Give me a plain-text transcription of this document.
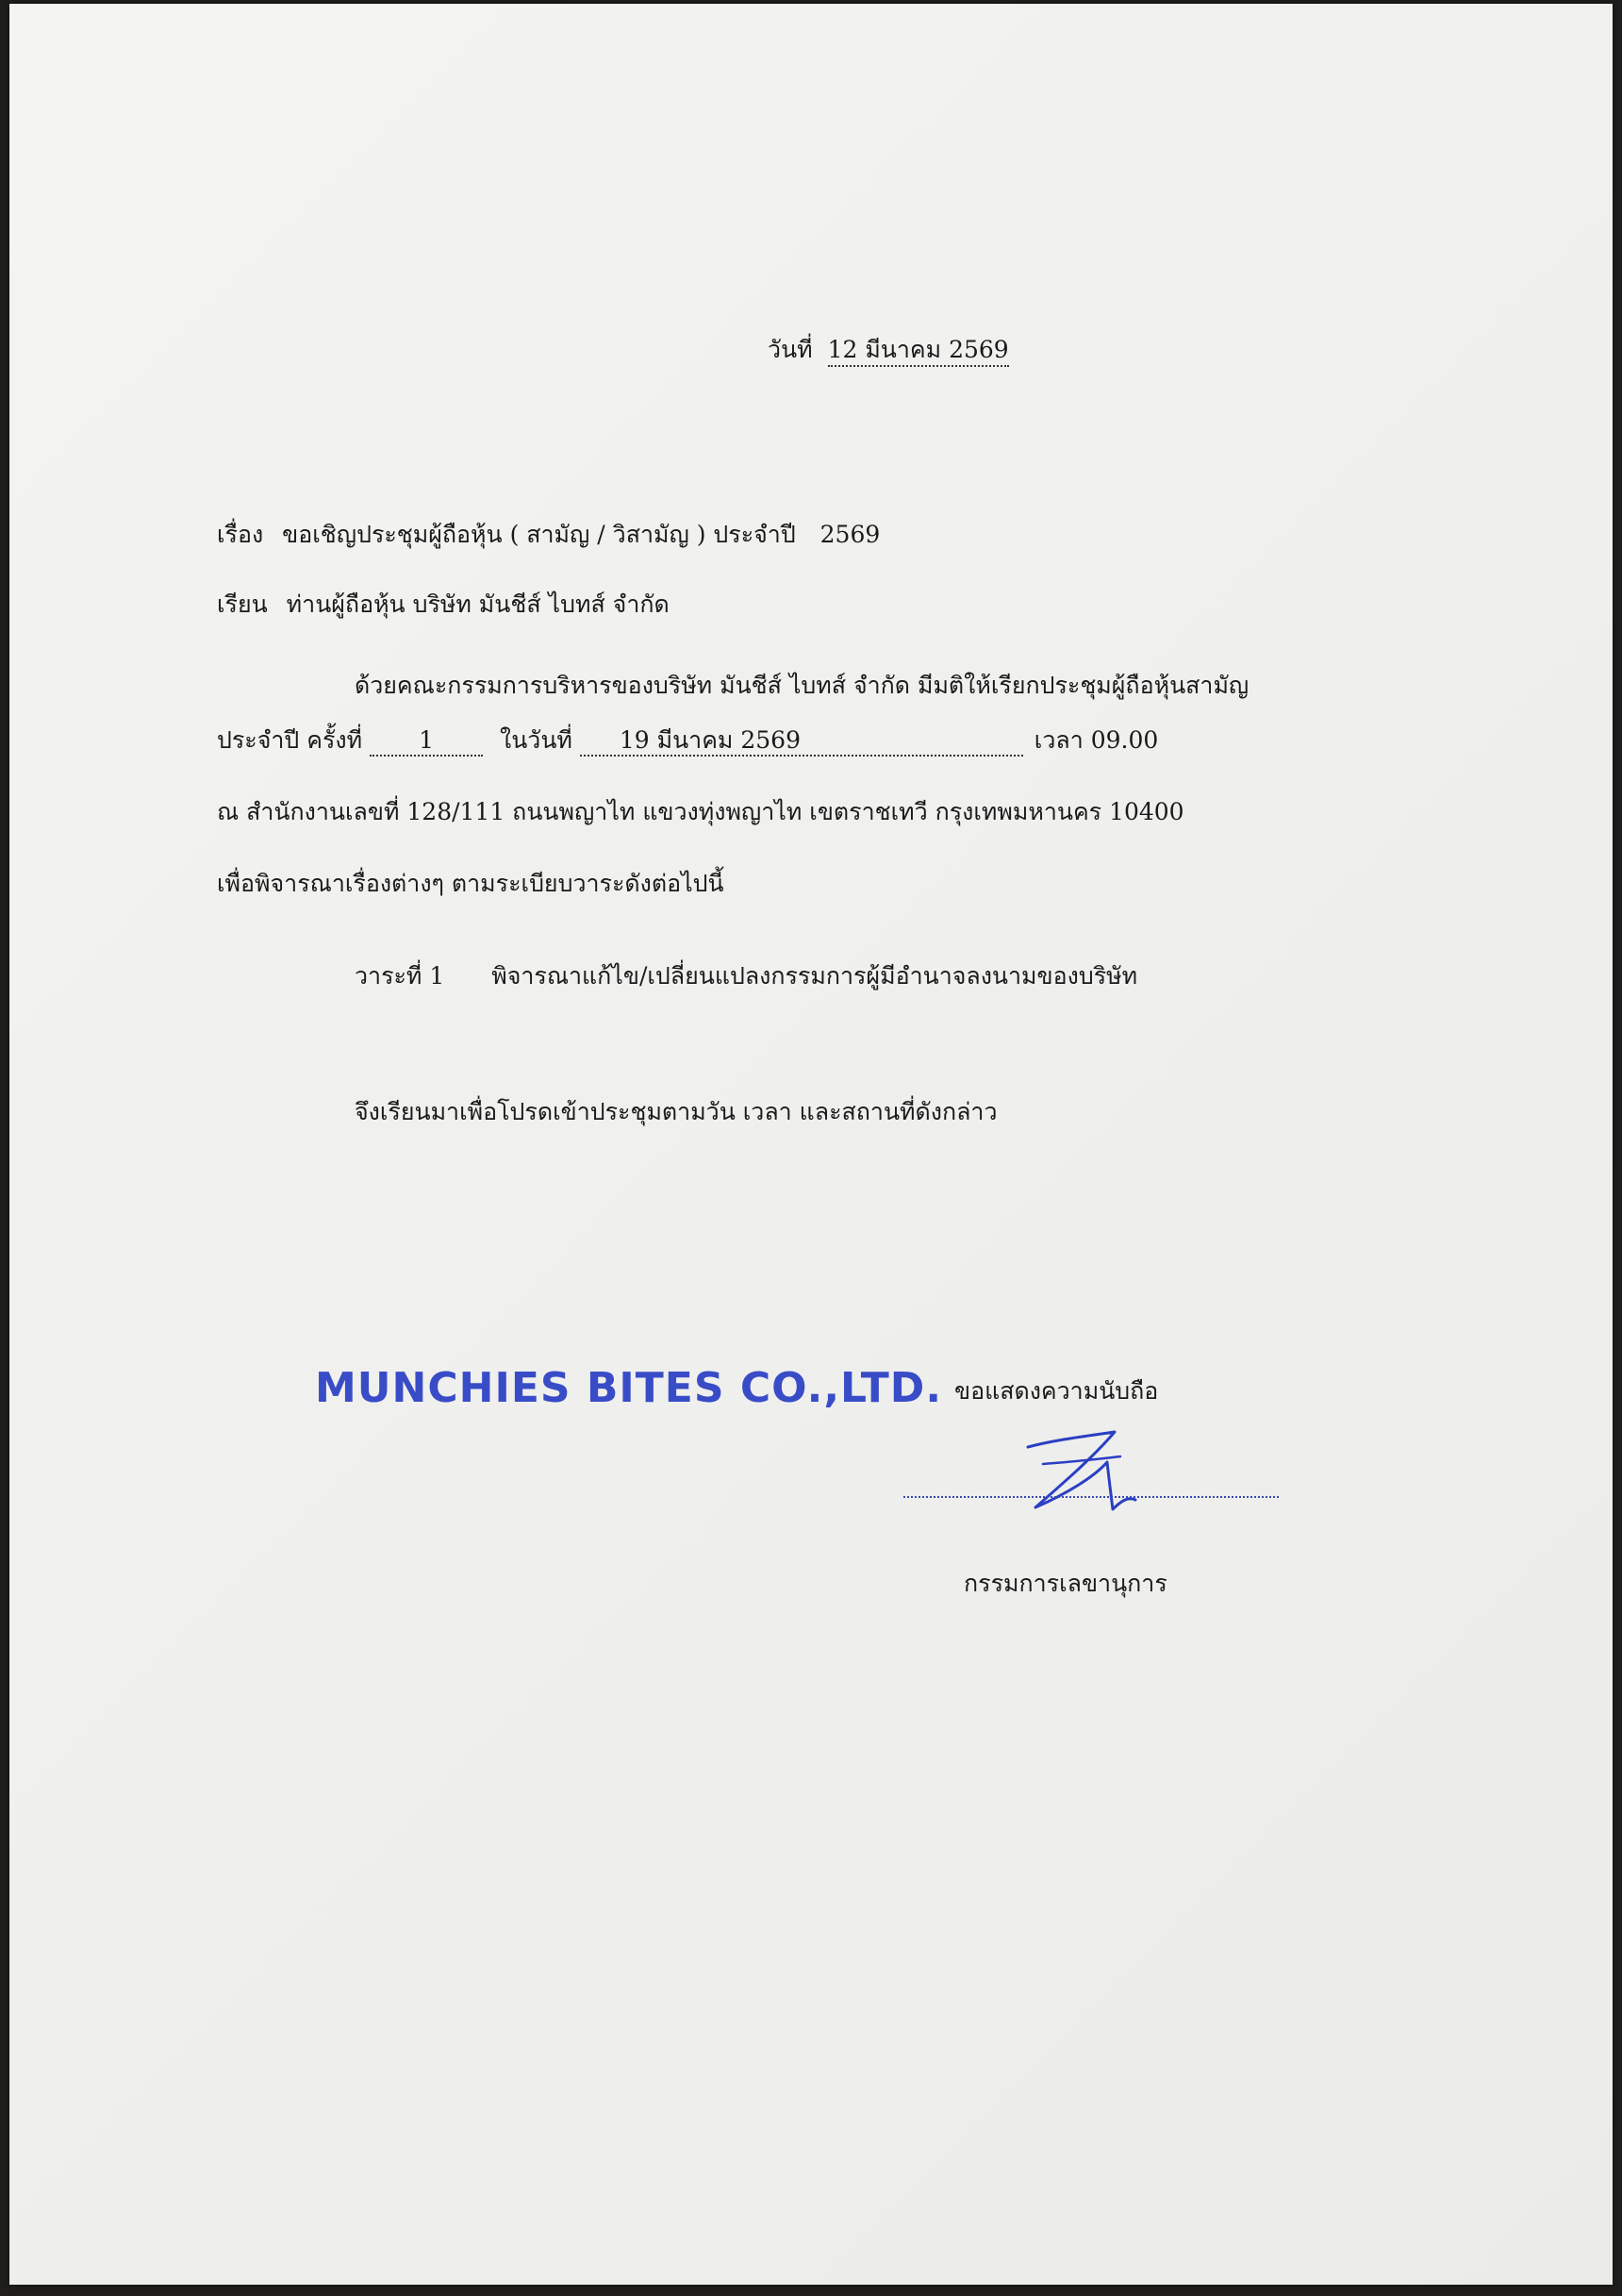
วันที่ 12 มีนาคม 2569
เรื่อง ขอเชิญประชุมผู้ถือหุ้น ( สามัญ / วิสามัญ ) ประจำปี 2569
เรียน ท่านผู้ถือหุ้น บริษัท มันชีส์ ไบทส์ จำกัด
ด้วยคณะกรรมการบริหารของบริษัท มันชีส์ ไบทส์ จำกัด มีมติให้เรียกประชุมผู้ถือหุ้นสามัญ
ประจำปี ครั้งที่ 1	ในวันที่ 19 มีนาคม 2569	เวลา 09.00
ณ สำนักงานเลขที่ 128/111 ถนนพญาไท แขวงทุ่งพญาไท เขตราชเทวี กรุงเทพมหานคร 10400
เพื่อพิจารณาเรื่องต่างๆ ตามระเบียบวาระดังต่อไปนี้
วาระที่ 1 พิจารณาแก้ไข/เปลี่ยนแปลงกรรมการผู้มีอำนาจลงนามของบริษัท
จึงเรียนมาเพื่อโปรดเข้าประชุมตามวัน เวลา และสถานที่ดังกล่าว
MUNCHIES BITES CO.,LTD. ขอแสดงความนับถือ
กรรมการเลขานุการ
